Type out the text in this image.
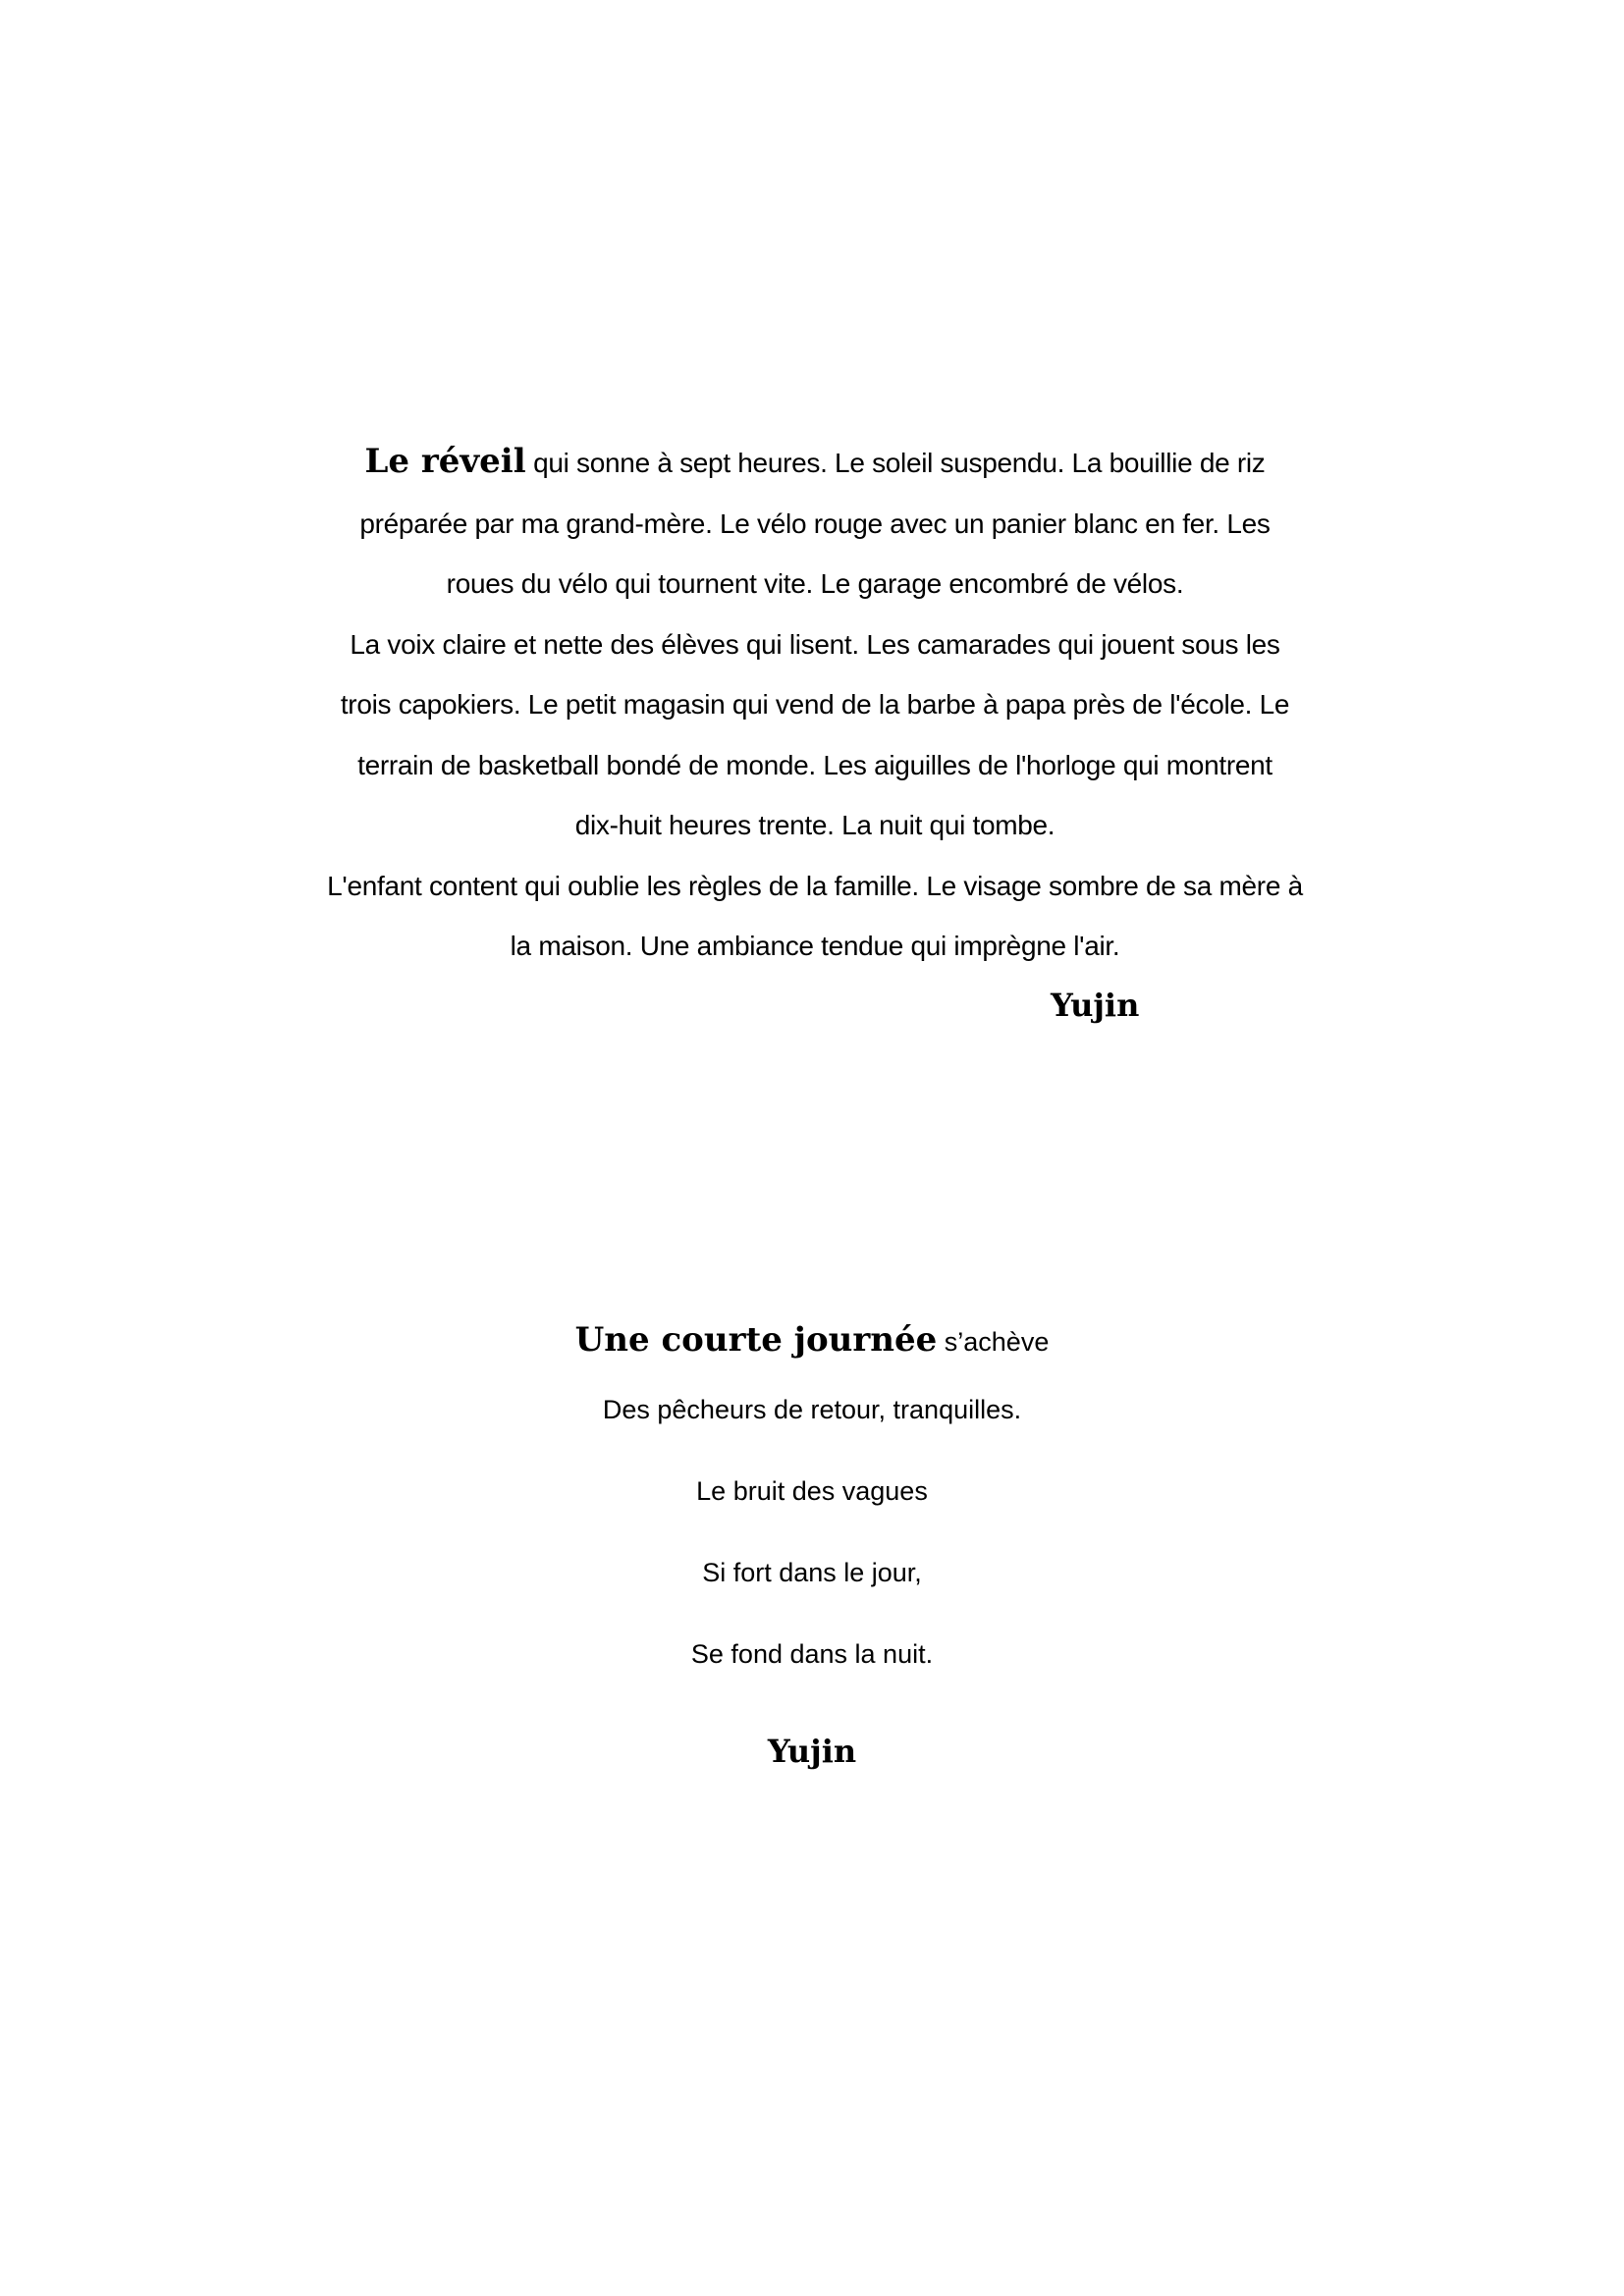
Le réveil qui sonne à sept heures. Le soleil suspendu. La bouillie de riz
préparée par ma grand-mère. Le vélo rouge avec un panier blanc en fer. Les
roues du vélo qui tournent vite. Le garage encombré de vélos.
La voix claire et nette des élèves qui lisent. Les camarades qui jouent sous les
trois capokiers. Le petit magasin qui vend de la barbe à papa près de l'école. Le
terrain de basketball bondé de monde. Les aiguilles de l'horloge qui montrent
dix-huit heures trente. La nuit qui tombe.
L'enfant content qui oublie les règles de la famille. Le visage sombre de sa mère à
la maison. Une ambiance tendue qui imprègne l'air.
Yujin
Une courte journée s’achève
Des pêcheurs de retour, tranquilles.
Le bruit des vagues
Si fort dans le jour,
Se fond dans la nuit.
Yujin
